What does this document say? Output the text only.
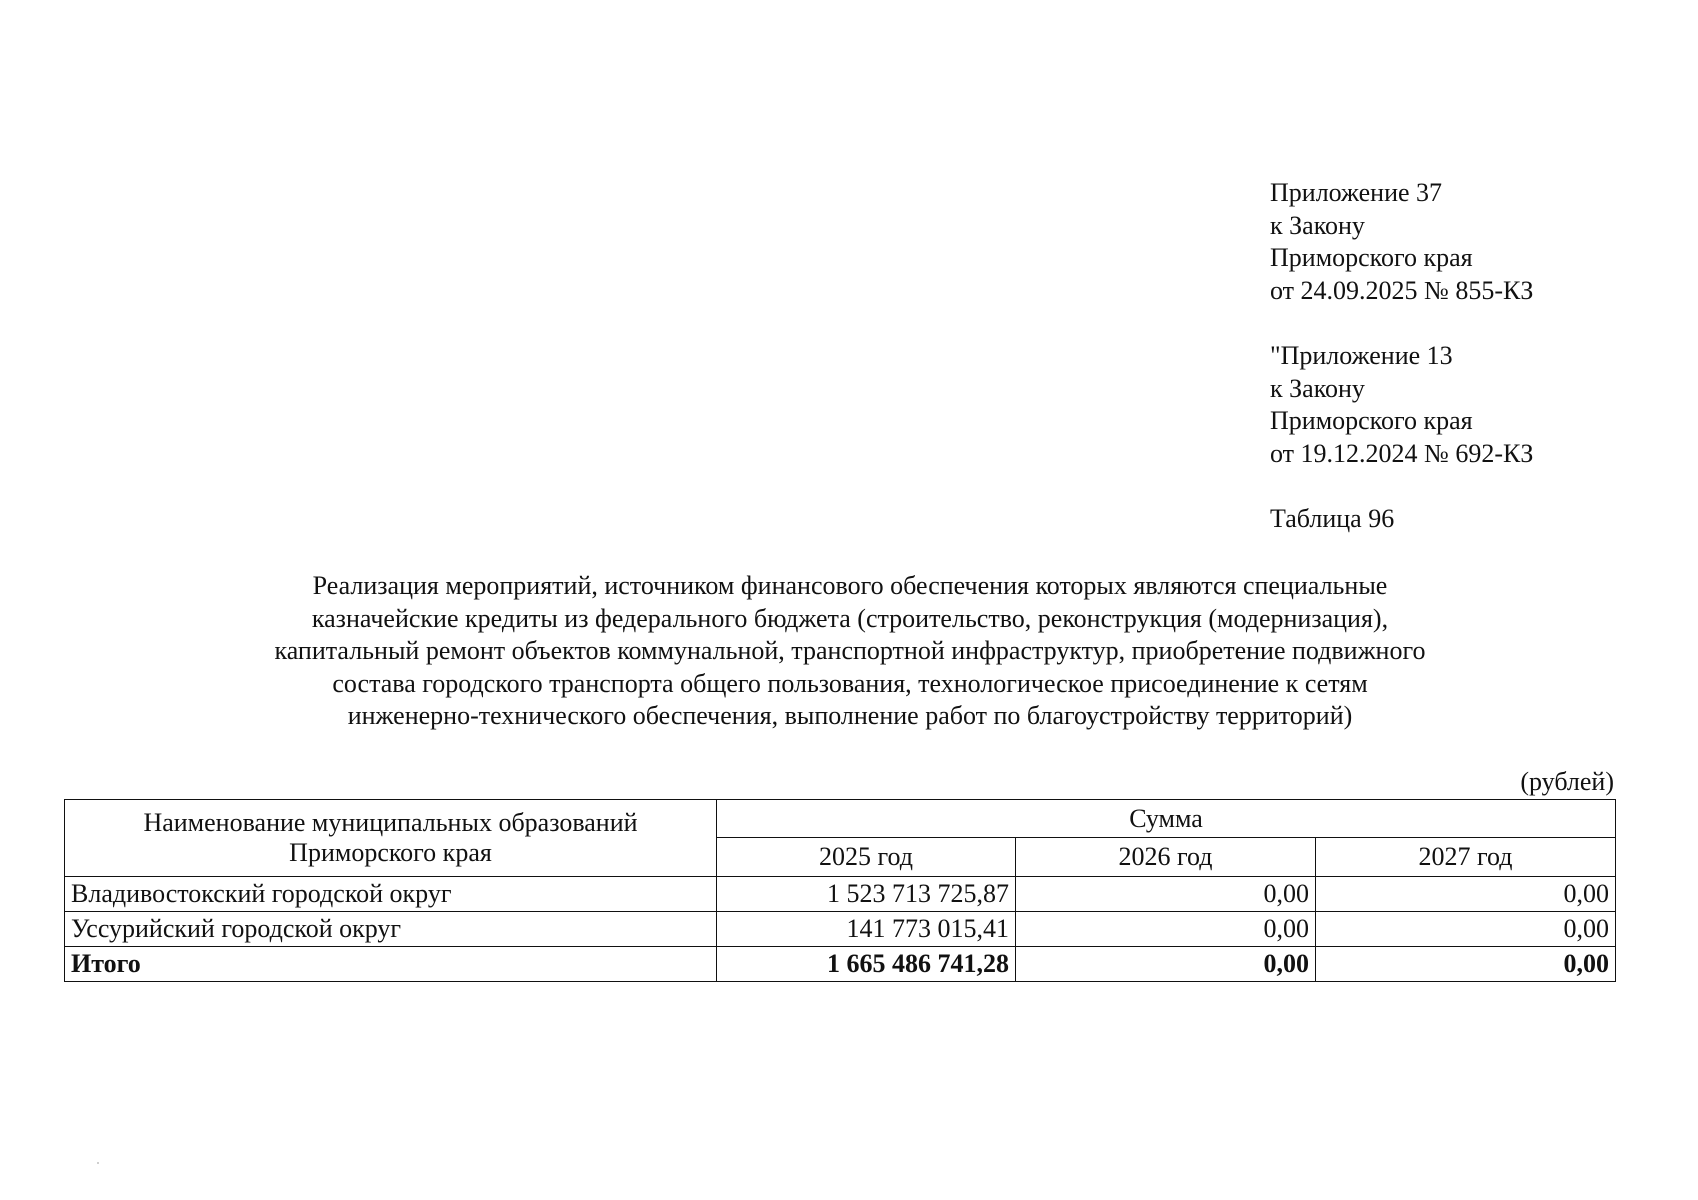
Приложение 37
к Закону
Приморского края
от 24.09.2025 № 855-КЗ
"Приложение 13
к Закону
Приморского края
от 19.12.2024 № 692-КЗ
Таблица 96
Реализация мероприятий, источником финансового обеспечения которых являются специальные
казначейские кредиты из федерального бюджета (строительство, реконструкция (модернизация),
капитальный ремонт объектов коммунальной, транспортной инфраструктур, приобретение подвижного
состава городского транспорта общего пользования, технологическое присоединение к сетям
инженерно-технического обеспечения, выполнение работ по благоустройству территорий)
(рублей)
Наименование муниципальных образований
Приморского края	Сумма		
	2025 год	2026 год	2027 год
Владивостокский городской округ	1 523 713 725,87	0,00	0,00
Уссурийский городской округ	141 773 015,41	0,00	0,00
Итого	1 665 486 741,28	0,00	0,00
